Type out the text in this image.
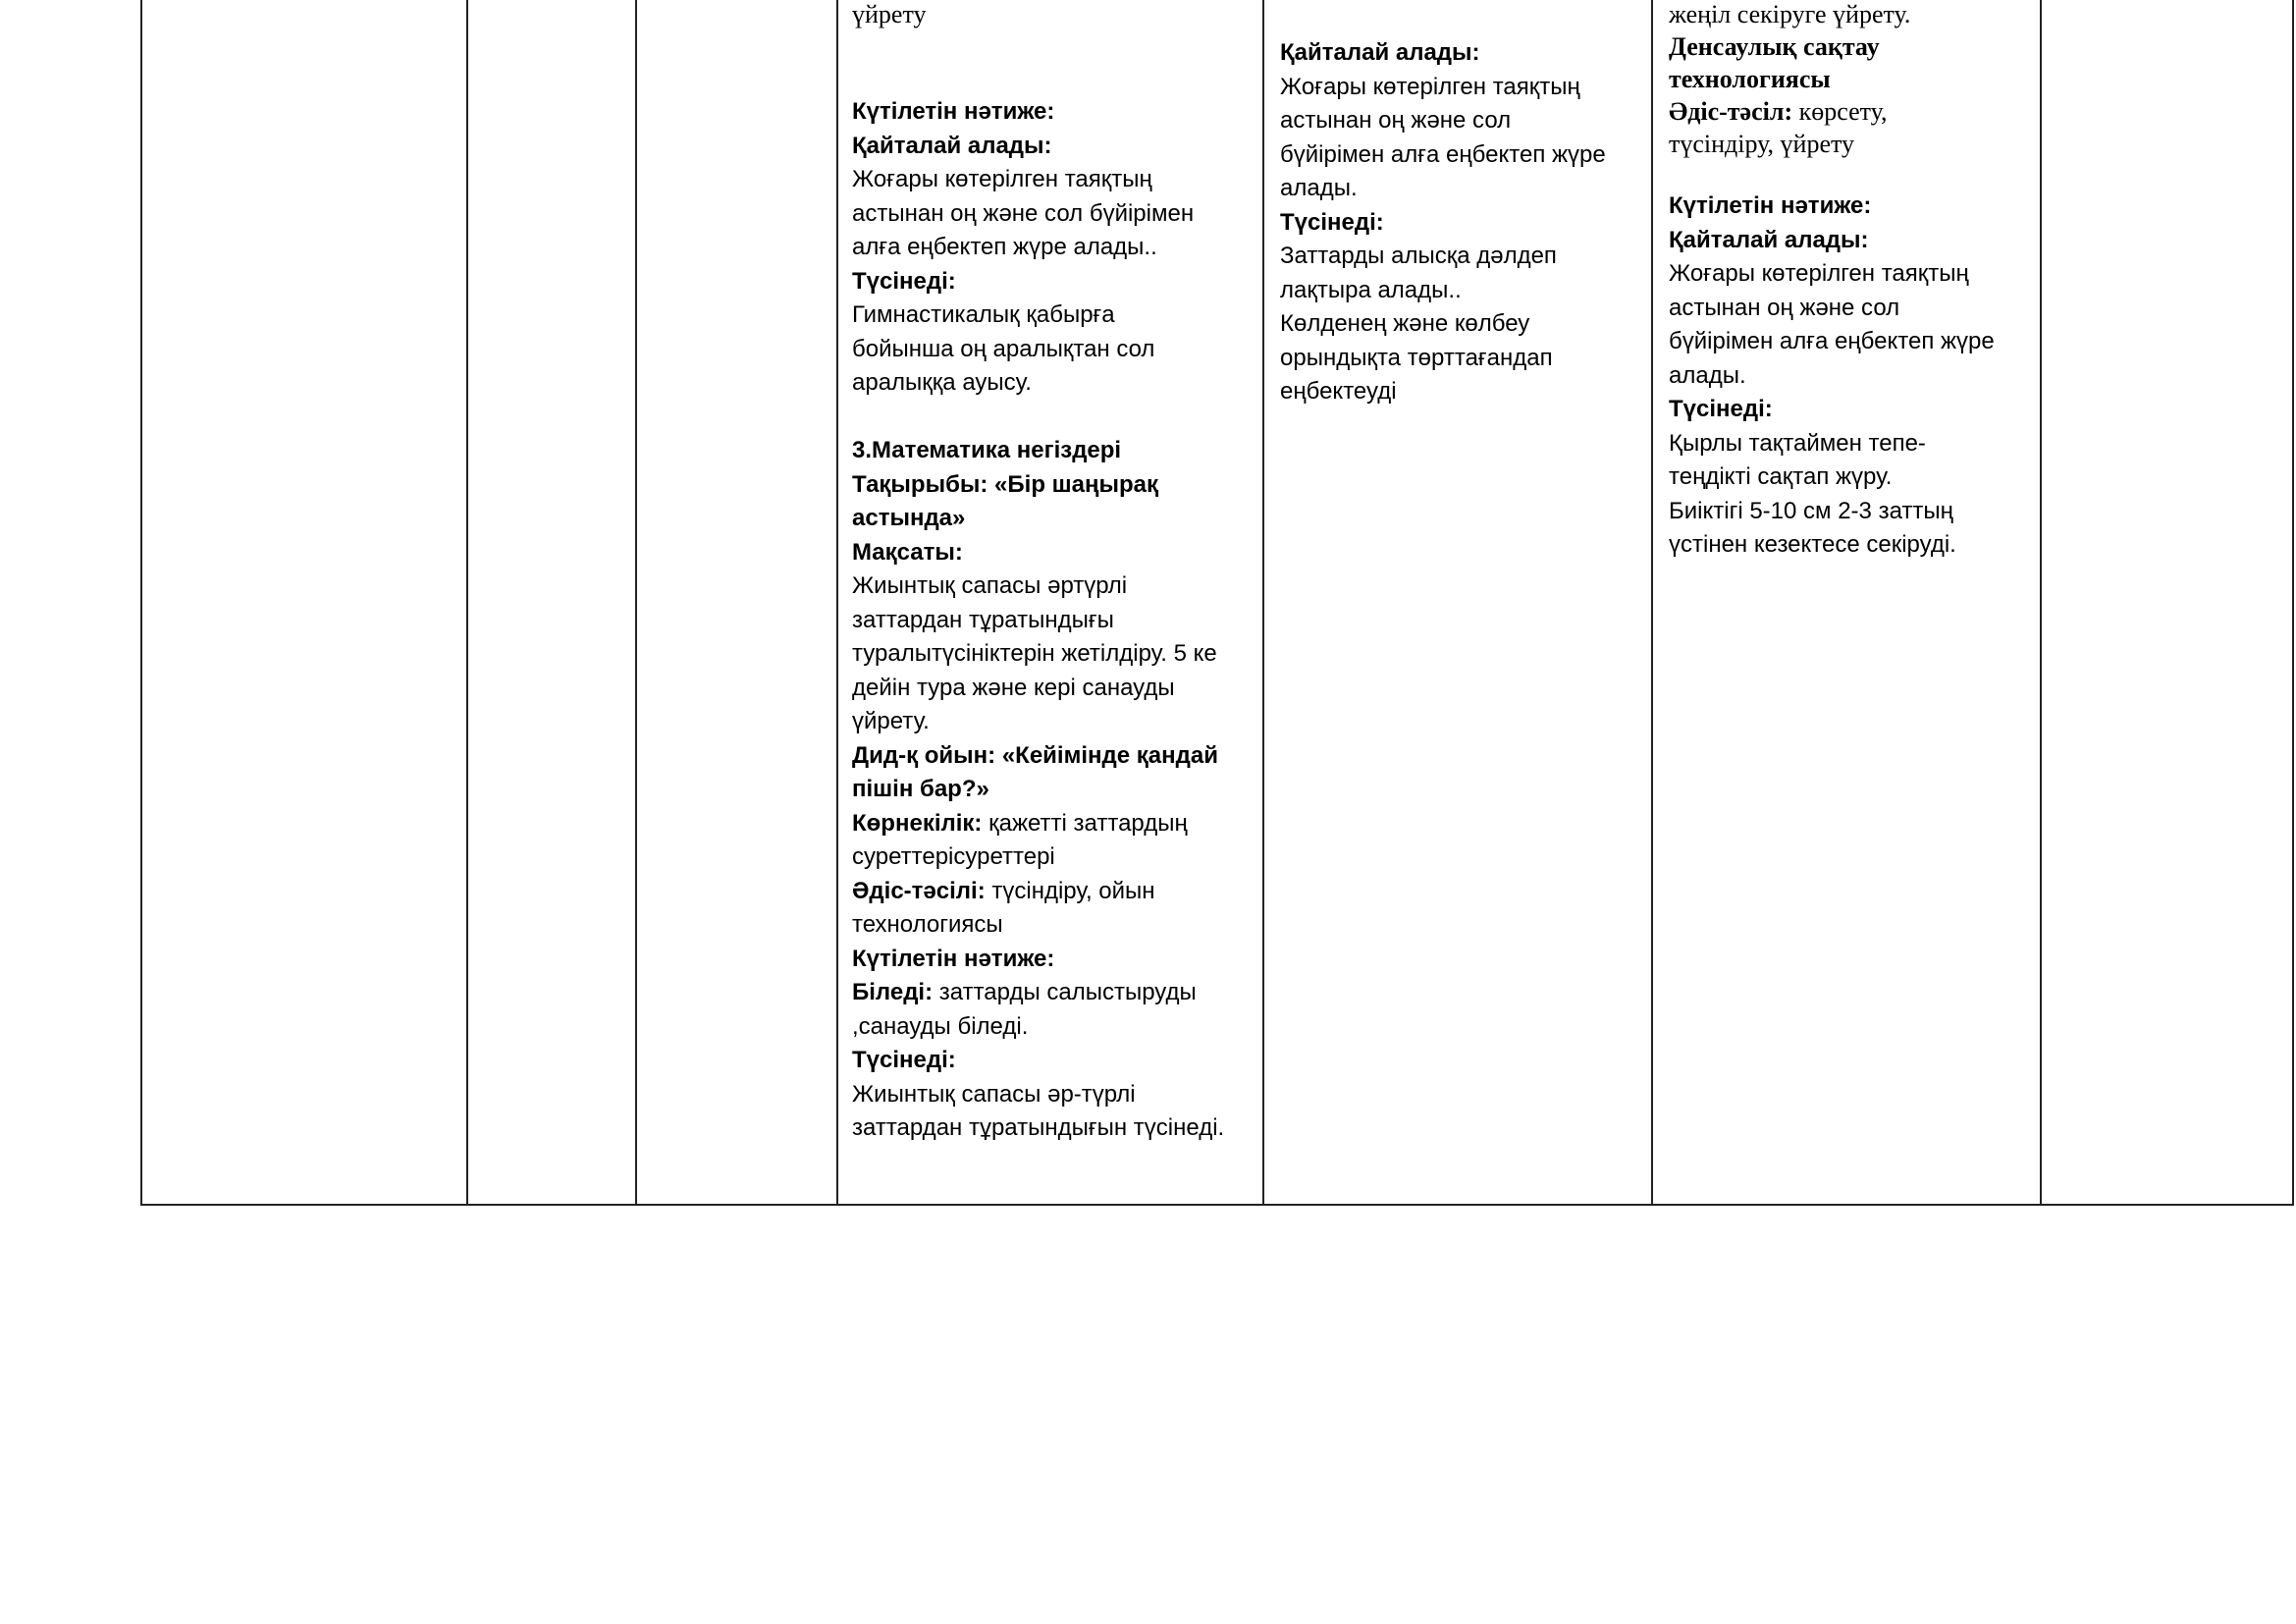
үйрету

Күтілетін нәтиже:

Қайталай алады:

Жоғары көтерілген таяқтың

астынан оң және сол бүйірімен

алға еңбектеп жүре алады..

Түсінеді:

Гимнастикалық қабырға

бойынша оң аралықтан сол

аралыққа ауысу.

3.Математика негіздері

Тақырыбы: «Бір шаңырақ

астында»

Мақсаты:

Жиынтық сапасы әртүрлі

заттардан тұратындығы

туралытүсініктерін жетілдіру. 5 ке

дейін тура және кері санауды

үйрету.

Дид-қ ойын: «Кейімінде қандай

пішін бар?»

Көрнекілік: қажетті заттардың

суреттерісуреттері

Әдіс-тәсілі: түсіндіру, ойын

технологиясы

Күтілетін нәтиже:

Біледі: заттарды салыстыруды

,санауды біледі.

Түсінеді:

Жиынтық сапасы әр-түрлі

заттардан тұратындығын түсінеді.

Қайталай алады:

Жоғары көтерілген таяқтың

астынан оң және сол

бүйірімен алға еңбектеп жүре

алады.

Түсінеді:

Заттарды алысқа дәлдеп

лақтыра алады..

Көлденең және көлбеу

орындықта төрттағандап

еңбектеуді

жеңіл секіруге үйрету.

Денсаулық сақтау

технологиясы

Әдіс-тәсіл: көрсету,

түсіндіру, үйрету

Күтілетін нәтиже:

Қайталай алады:

Жоғары көтерілген таяқтың

астынан оң және сол

бүйірімен алға еңбектеп жүре

алады.

Түсінеді:

Қырлы тақтаймен тепе-

теңдікті сақтап жүру.

Биіктігі 5-10 см 2-3 заттың

үстінен кезектесе секіруді.
